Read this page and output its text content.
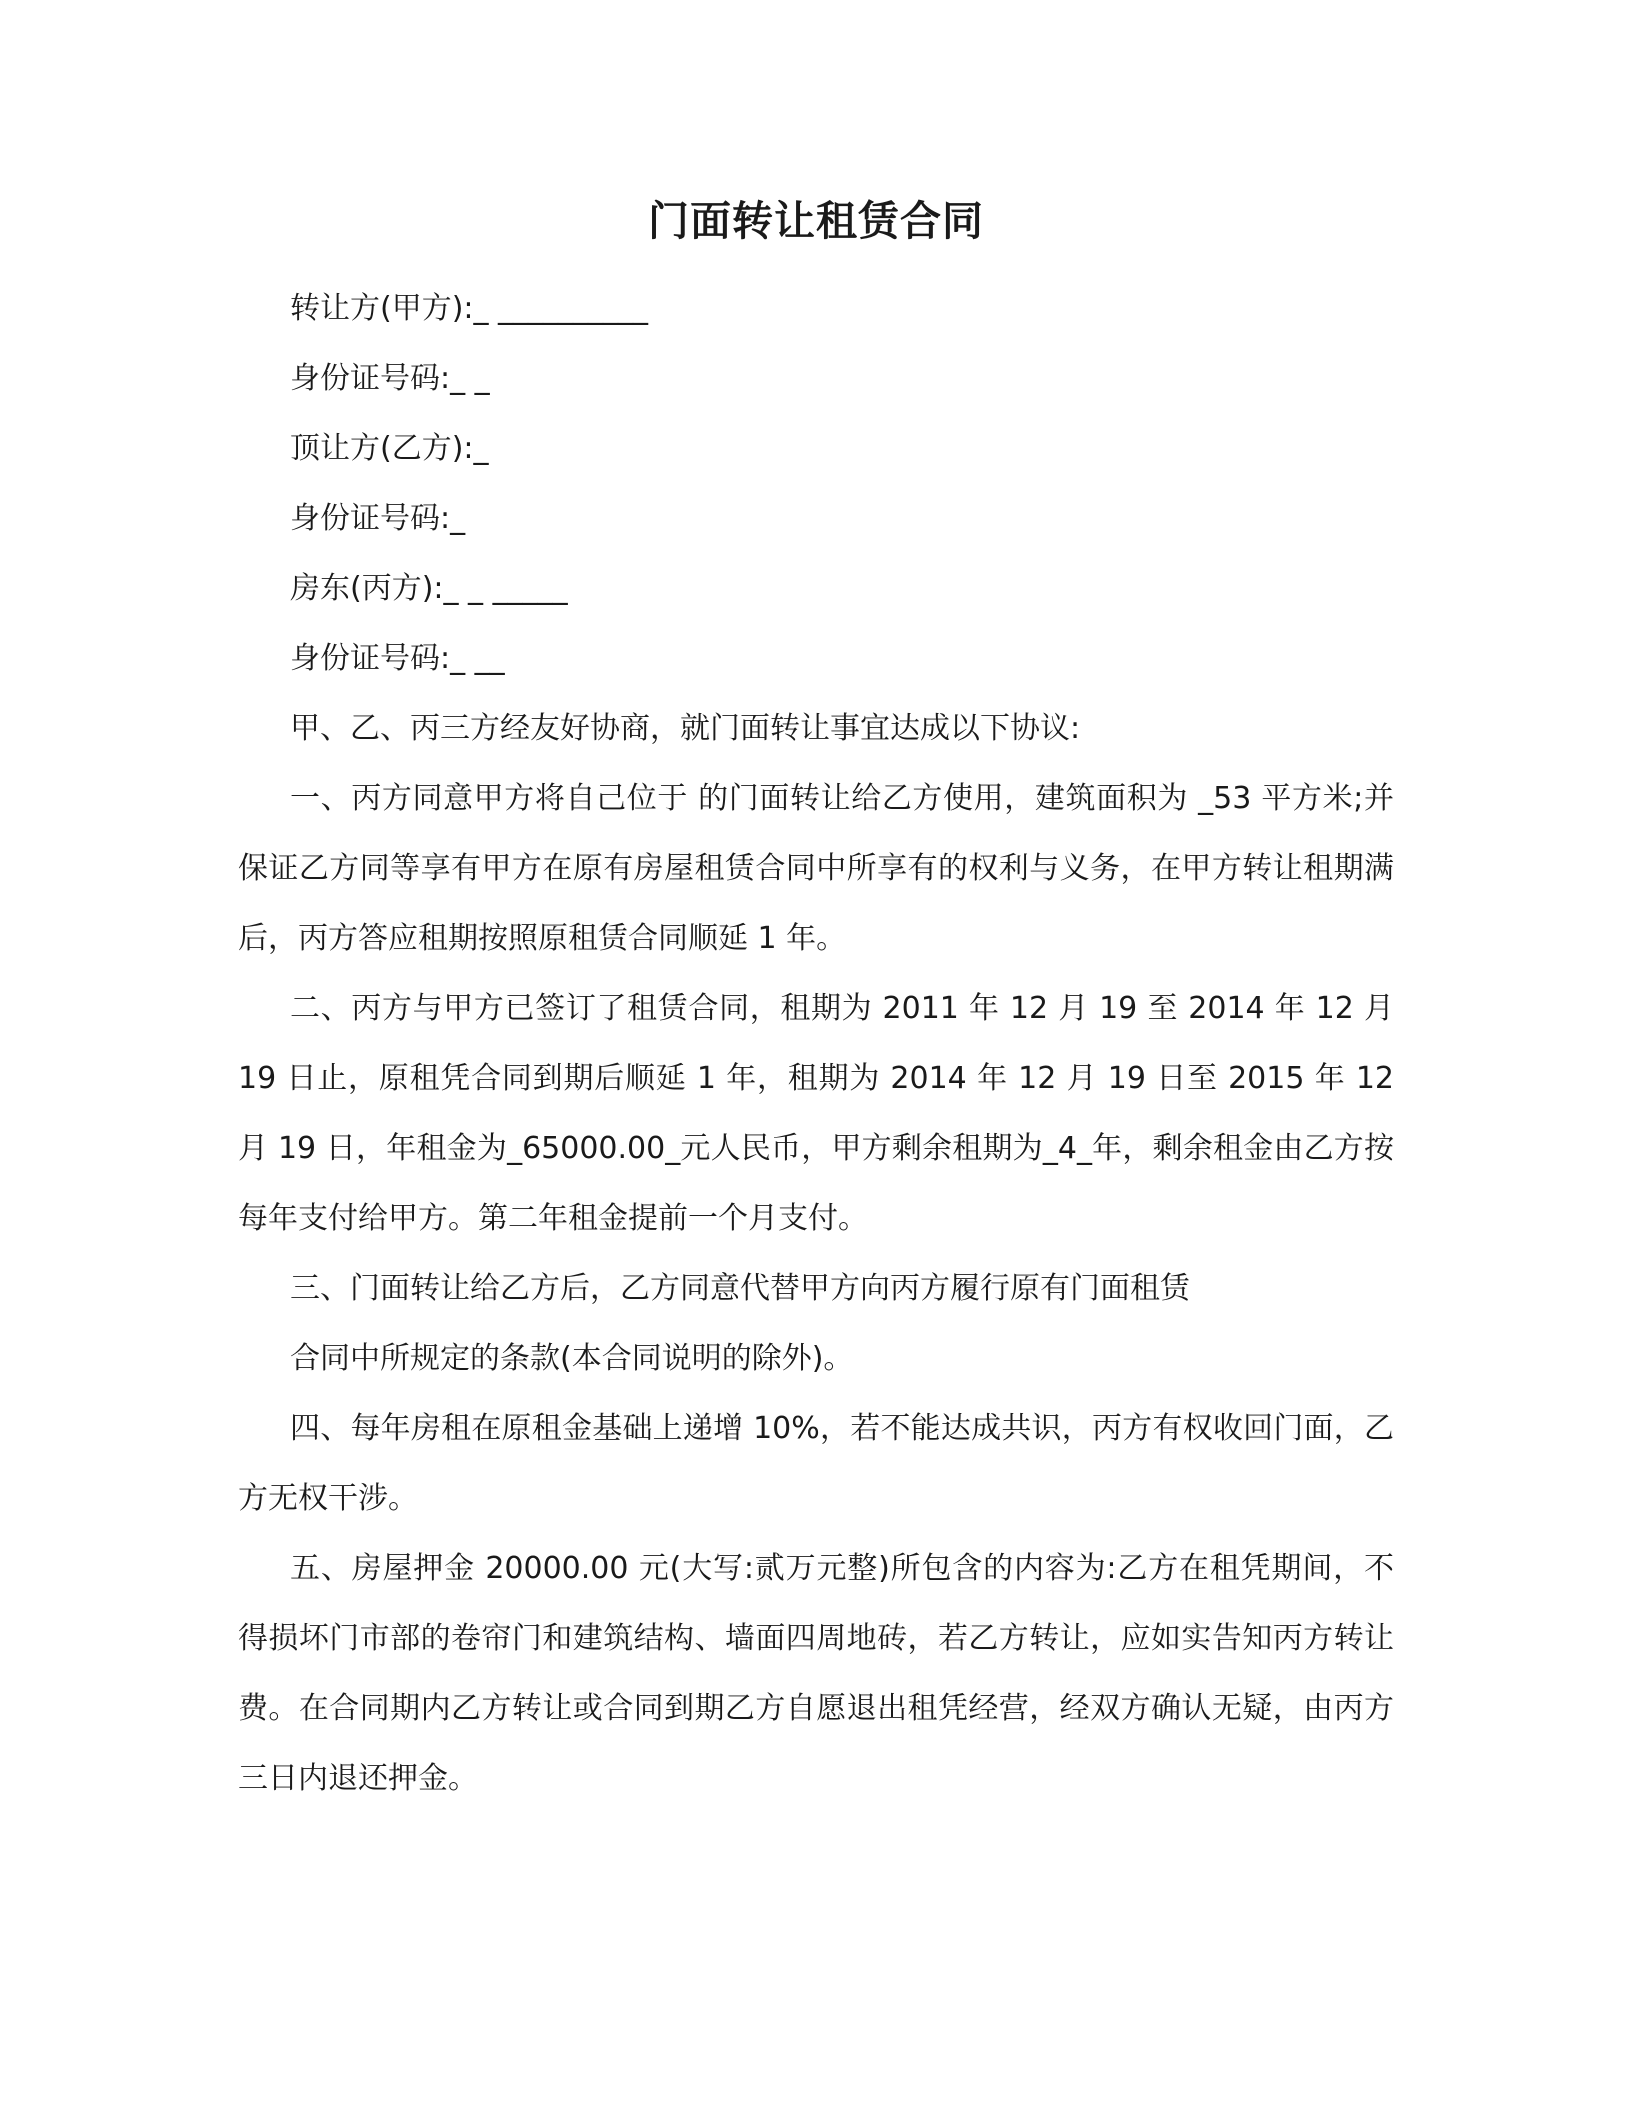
门面转让租赁合同
转让方(甲方):_ __________
身份证号码:_ _
顶让方(乙方):_
身份证号码:_
房东(丙方):_ _ _____
身份证号码:_ __

甲、乙、丙三方经友好协商，就门面转让事宜达成以下协议:

一、丙方同意甲方将自己位于 的门面转让给乙方使用，建筑面积为 _53 平方米;并保证乙方同等享有甲方在原有房屋租赁合同中所享有的权利与义务，在甲方转让租期满后，丙方答应租期按照原租赁合同顺延 1 年。

二、丙方与甲方已签订了租赁合同，租期为 2011 年 12 月 19 至 2014 年 12 月 19 日止，原租凭合同到期后顺延 1 年，租期为 2014 年 12 月 19 日至 2015 年 12 月 19 日，年租金为_65000.00_元人民币，甲方剩余租期为_4_年，剩余租金由乙方按每年支付给甲方。第二年租金提前一个月支付。

三、门面转让给乙方后，乙方同意代替甲方向丙方履行原有门面租赁

合同中所规定的条款(本合同说明的除外)。

四、每年房租在原租金基础上递增 10%，若不能达成共识，丙方有权收回门面，乙方无权干涉。

五、房屋押金 20000.00 元(大写:贰万元整)所包含的内容为:乙方在租凭期间，不得损坏门市部的卷帘门和建筑结构、墙面四周地砖，若乙方转让，应如实告知丙方转让费。在合同期内乙方转让或合同到期乙方自愿退出租凭经营，经双方确认无疑，由丙方三日内退还押金。
